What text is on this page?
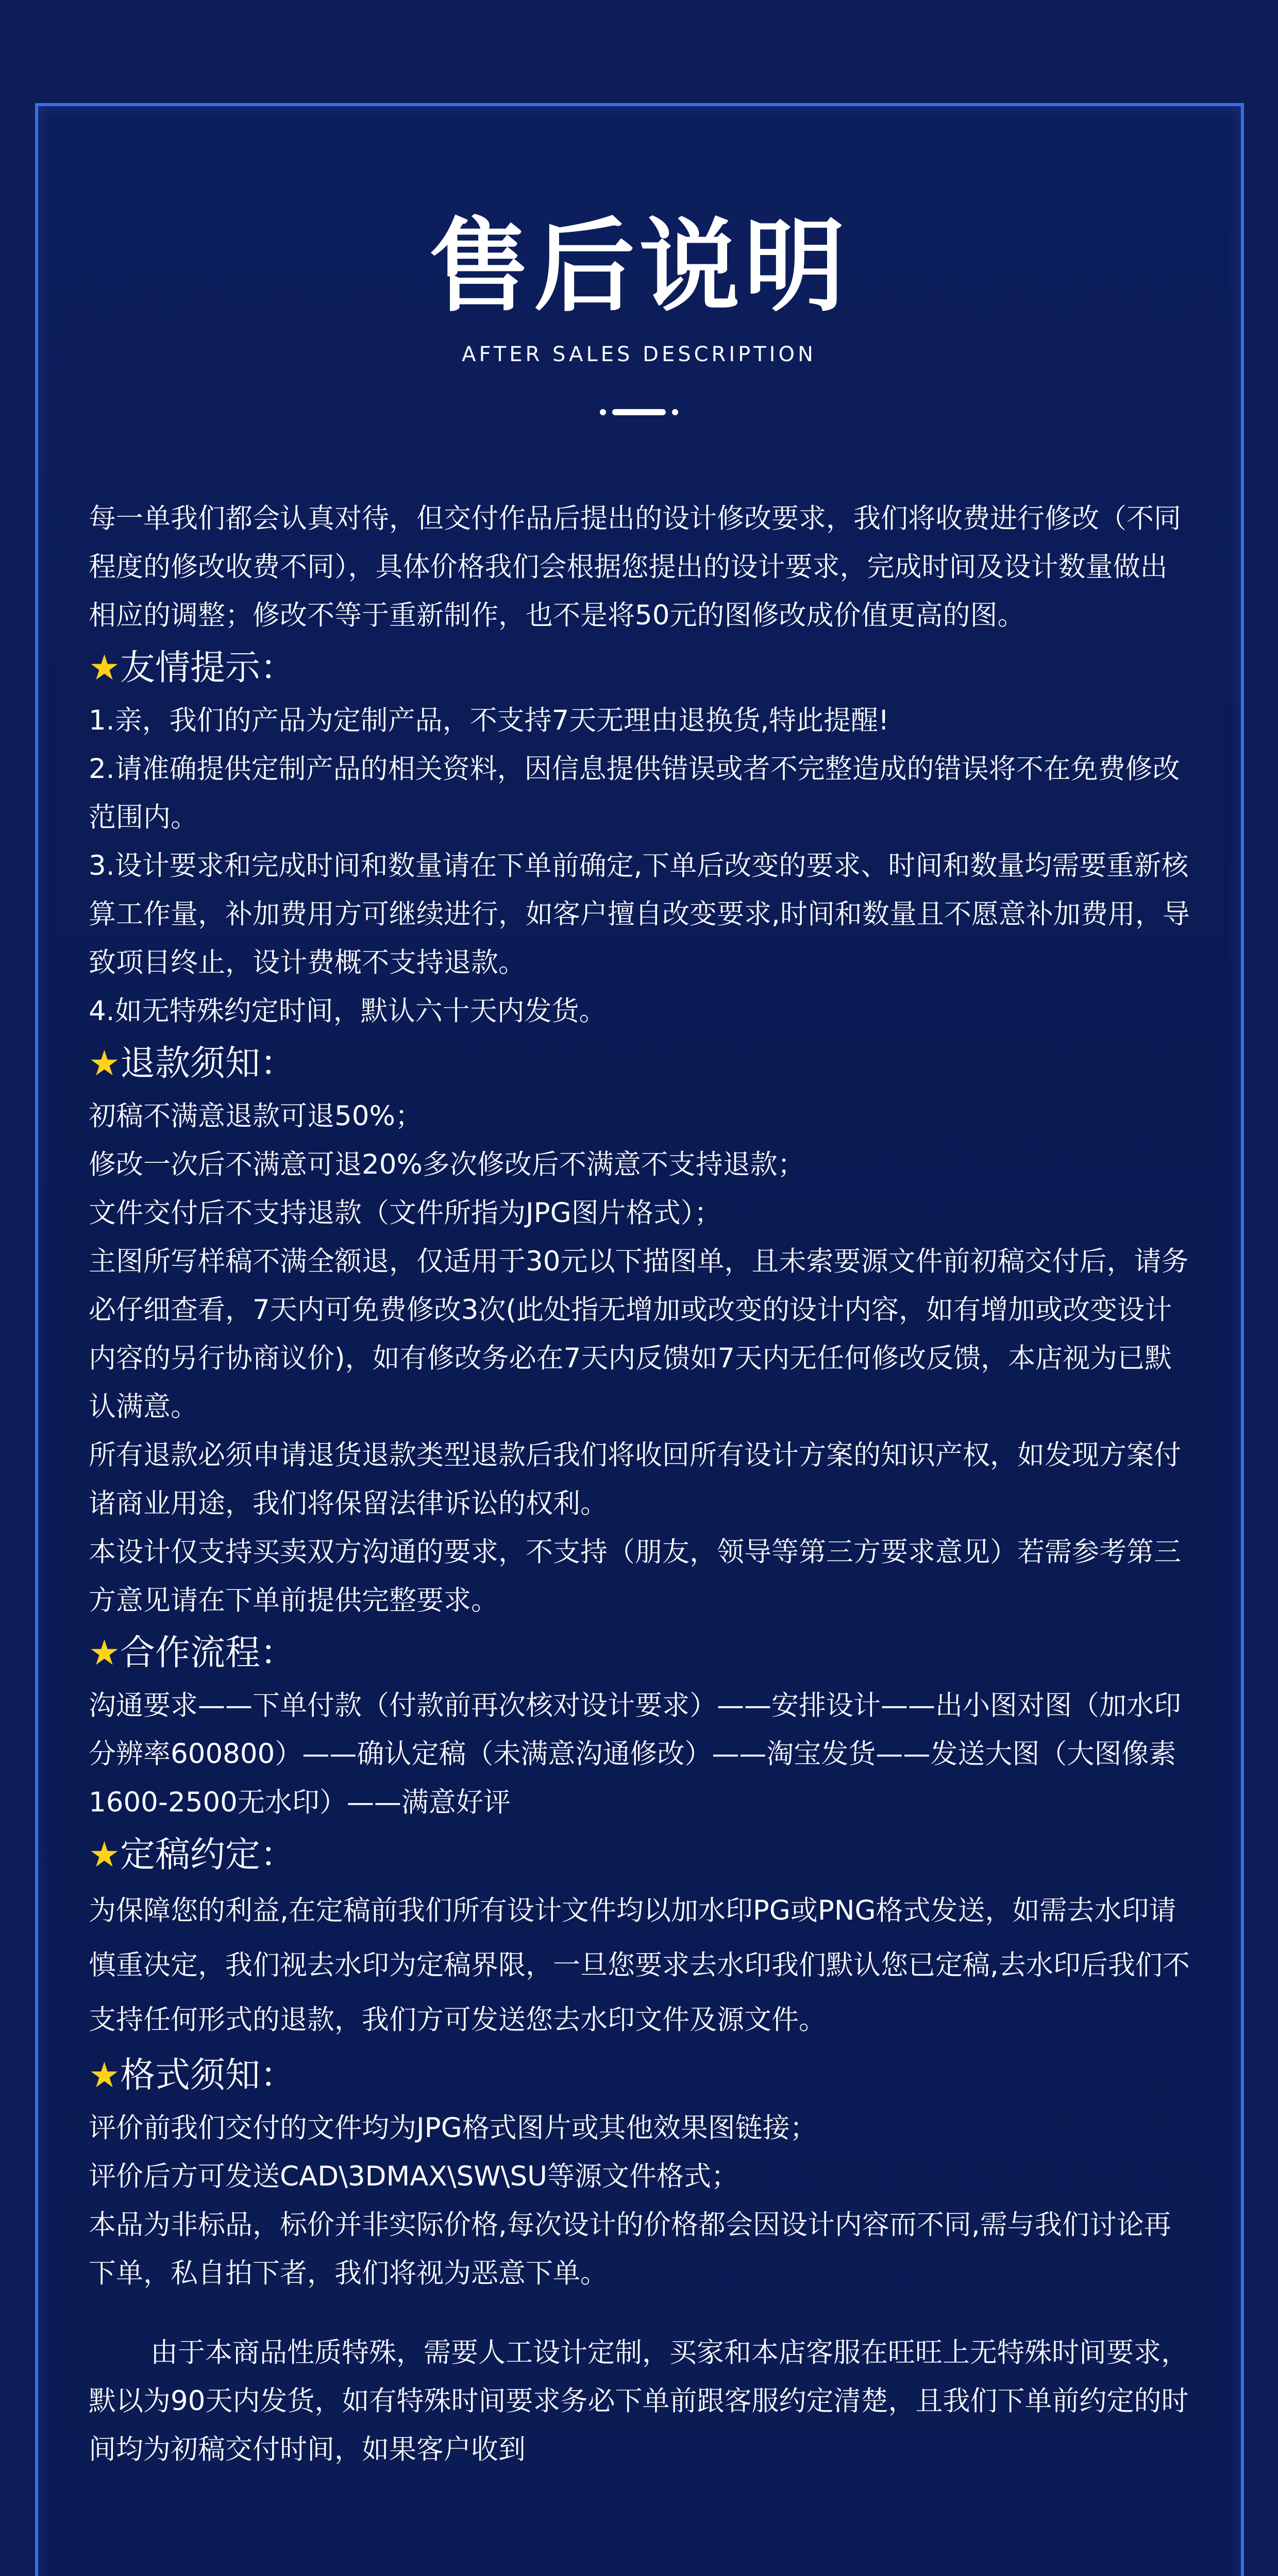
售后说明
AFTER SALES DESCRIPTION

每一单我们都会认真对待，但交付作品后提出的设计修改要求，我们将收费进行修改（不同程度的修改收费不同），具体价格我们会根据您提出的设计要求，完成时间及设计数量做出相应的调整；修改不等于重新制作，也不是将50元的图修改成价值更高的图。

★友情提示：

1.亲，我们的产品为定制产品，不支持7天无理由退换货,特此提醒!

2.请准确提供定制产品的相关资料，因信息提供错误或者不完整造成的错误将不在免费修改范围内。

3.设计要求和完成时间和数量请在下单前确定,下单后改变的要求、时间和数量均需要重新核算工作量，补加费用方可继续进行，如客户擅自改变要求,时间和数量且不愿意补加费用，导致项目终止，设计费概不支持退款。

4.如无特殊约定时间，默认六十天内发货。

★退款须知：

初稿不满意退款可退50%；

修改一次后不满意可退20%多次修改后不满意不支持退款；

文件交付后不支持退款（文件所指为JPG图片格式）；

主图所写样稿不满全额退，仅适用于30元以下描图单，且未索要源文件前初稿交付后，请务必仔细查看，7天内可免费修改3次(此处指无增加或改变的设计内容，如有增加或改变设计内容的另行协商议价)，如有修改务必在7天内反馈如7天内无任何修改反馈，本店视为已默认满意。

所有退款必须申请退货退款类型退款后我们将收回所有设计方案的知识产权，如发现方案付诸商业用途，我们将保留法律诉讼的权利。

本设计仅支持买卖双方沟通的要求，不支持（朋友，领导等第三方要求意见）若需参考第三方意见请在下单前提供完整要求。

★合作流程：

沟通要求——下单付款（付款前再次核对设计要求）——安排设计——出小图对图（加水印分辨率600800）——确认定稿（未满意沟通修改）——淘宝发货——发送大图（大图像素 1600-2500无水印）——满意好评

★定稿约定：

为保障您的利益,在定稿前我们所有设计文件均以加水印PG或PNG格式发送，如需去水印请慎重决定，我们视去水印为定稿界限，一旦您要求去水印我们默认您已定稿,去水印后我们不支持任何形式的退款，我们方可发送您去水印文件及源文件。

★格式须知：

评价前我们交付的文件均为JPG格式图片或其他效果图链接；

评价后方可发送CAD\3DMAX\SW\SU等源文件格式；

本品为非标品，标价并非实际价格,每次设计的价格都会因设计内容而不同,需与我们讨论再下单，私自拍下者，我们将视为恶意下单。

由于本商品性质特殊，需要人工设计定制，买家和本店客服在旺旺上无特殊时间要求，默以为90天内发货，如有特殊时间要求务必下单前跟客服约定清楚，且我们下单前约定的时间均为初稿交付时间，如果客户收到
